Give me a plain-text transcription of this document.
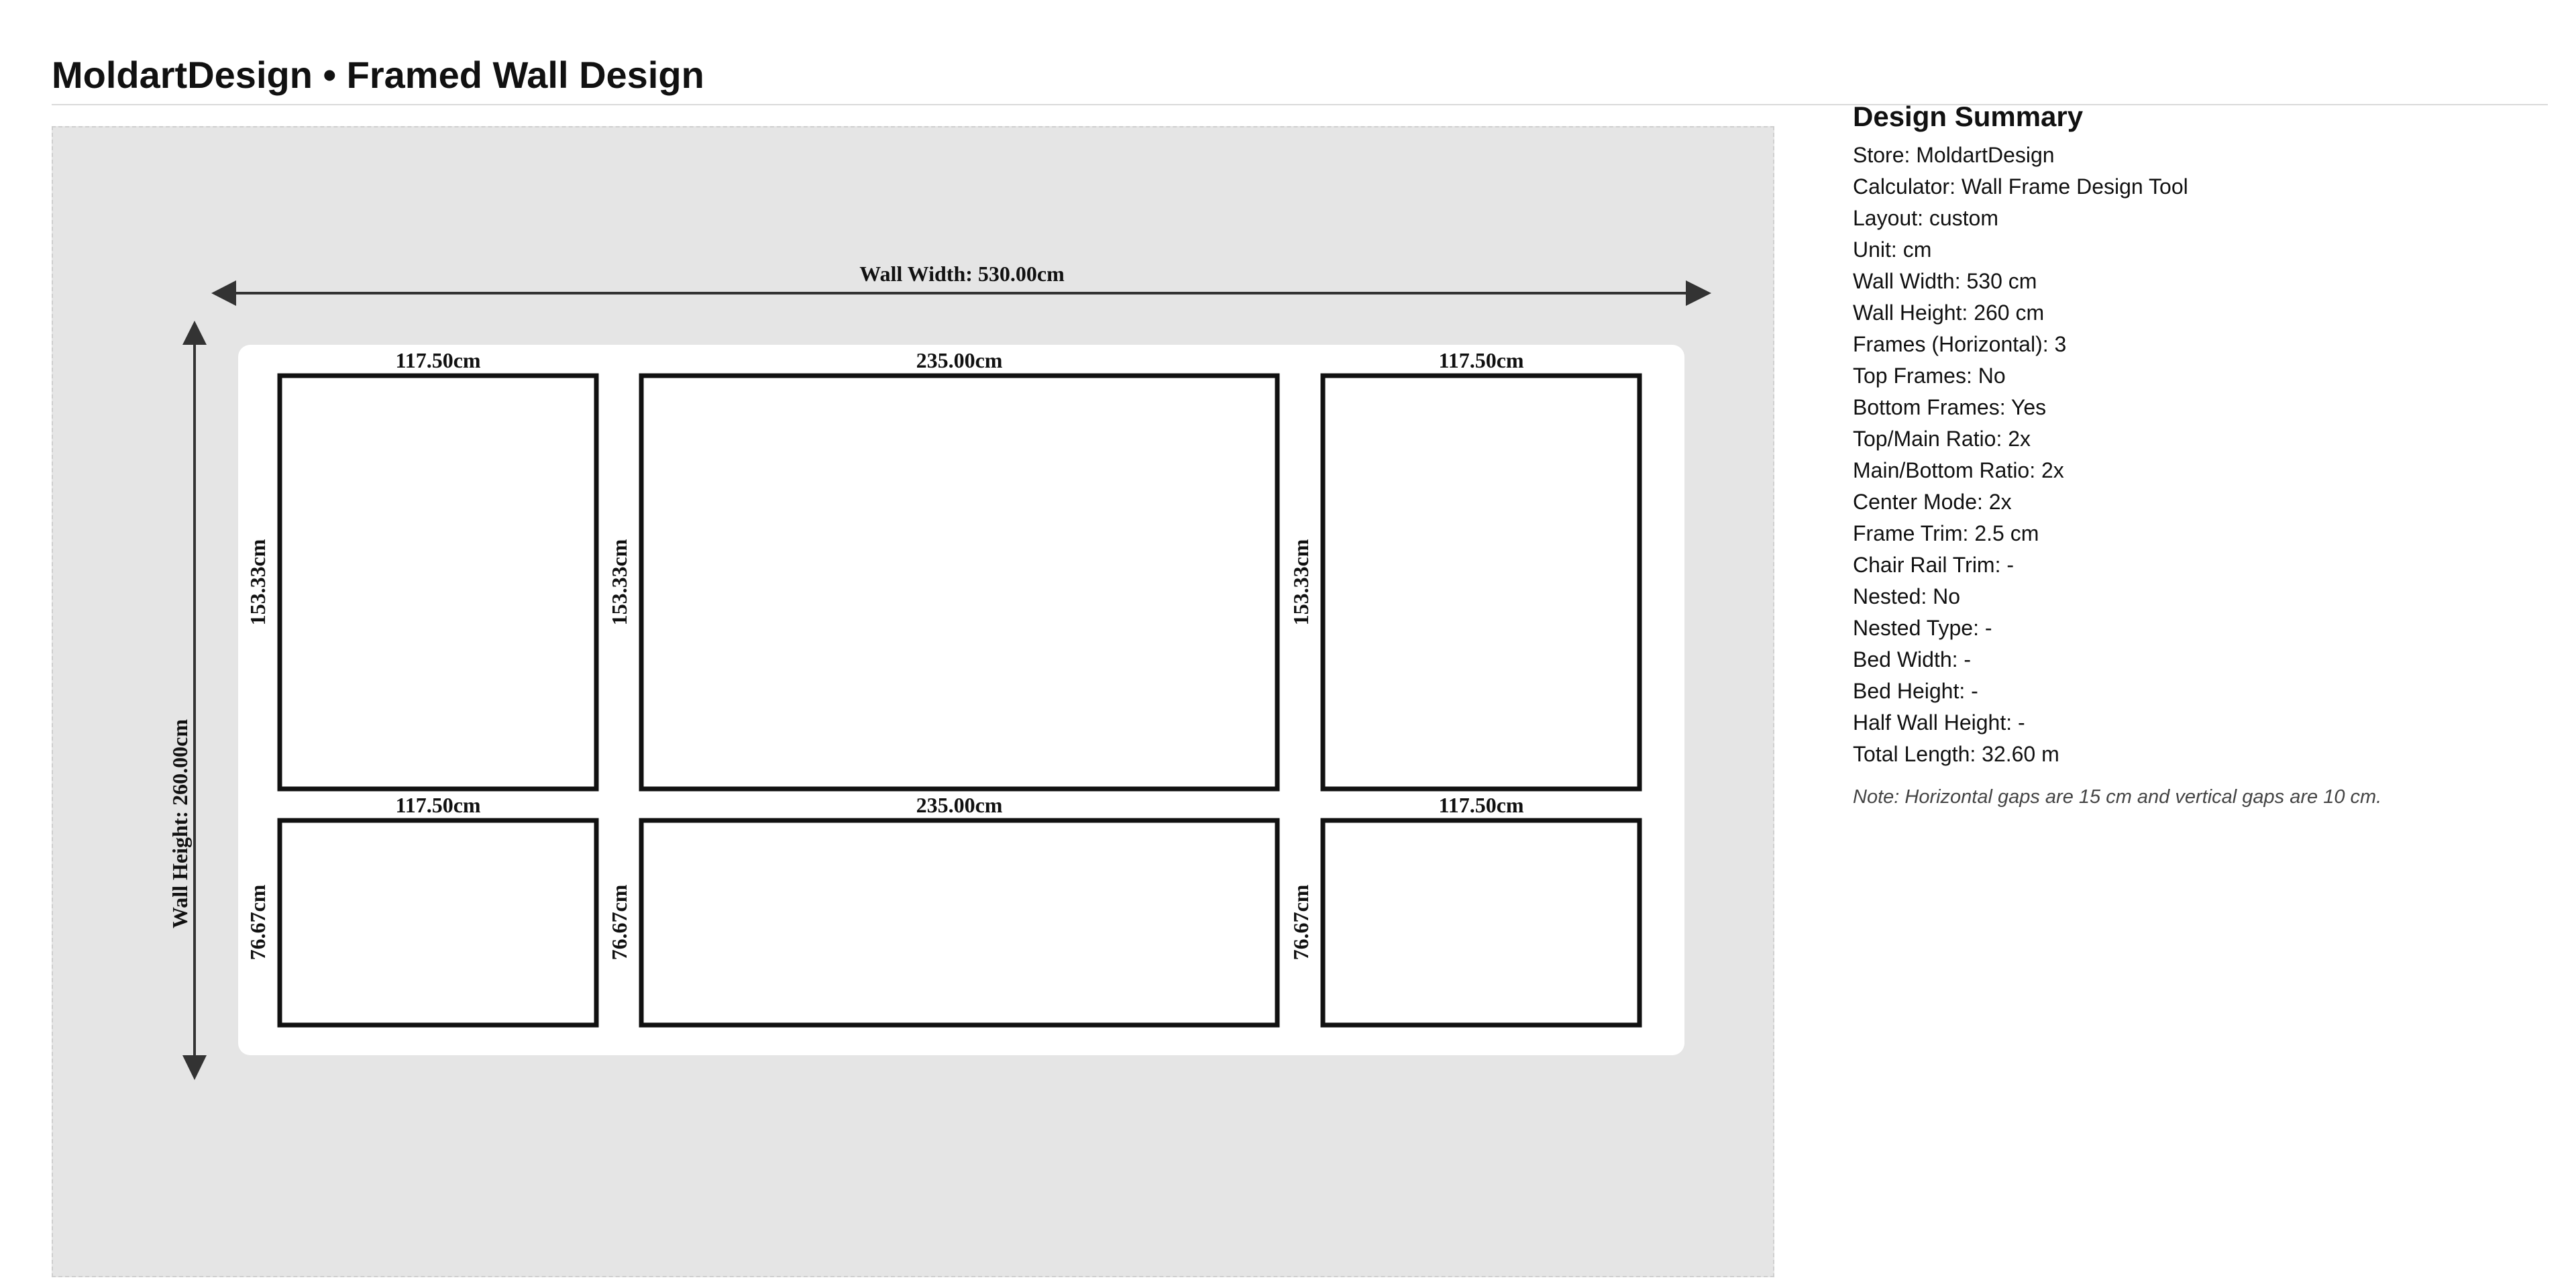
MoldartDesign • Framed Wall Design
Wall Width: 530.00cm
Wall Height: 260.00cm
117.50cm	235.00cm	117.50cm
153.33cm	153.33cm	153.33cm
117.50cm	235.00cm	117.50cm
76.67cm	76.67cm	76.67cm
Design Summary
Store: MoldartDesign
Calculator: Wall Frame Design Tool
Layout: custom
Unit: cm
Wall Width: 530 cm
Wall Height: 260 cm
Frames (Horizontal): 3
Top Frames: No
Bottom Frames: Yes
Top/Main Ratio: 2x
Main/Bottom Ratio: 2x
Center Mode: 2x
Frame Trim: 2.5 cm
Chair Rail Trim: -
Nested: No
Nested Type: -
Bed Width: -
Bed Height: -
Half Wall Height: -
Total Length: 32.60 m
Note: Horizontal gaps are 15 cm and vertical gaps are 10 cm.
